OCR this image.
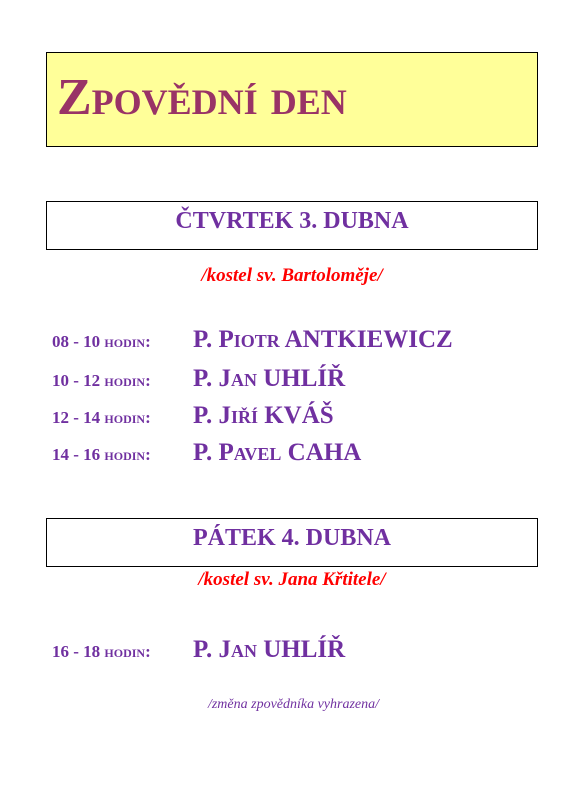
Zpovědní den
ČTVRTEK 3. DUBNA
/kostel sv. Bartoloměje/
08 - 10 hodin: P. Piotr ANTKIEWICZ
10 - 12 hodin: P. Jan UHLÍŘ
12 - 14 hodin: P. Jiří KVÁŠ
14 - 16 hodin: P. Pavel CAHA
PÁTEK 4. DUBNA
/kostel sv. Jana Křtitele/
16 - 18 hodin: P. Jan UHLÍŘ
/změna zpovědníka vyhrazena/
